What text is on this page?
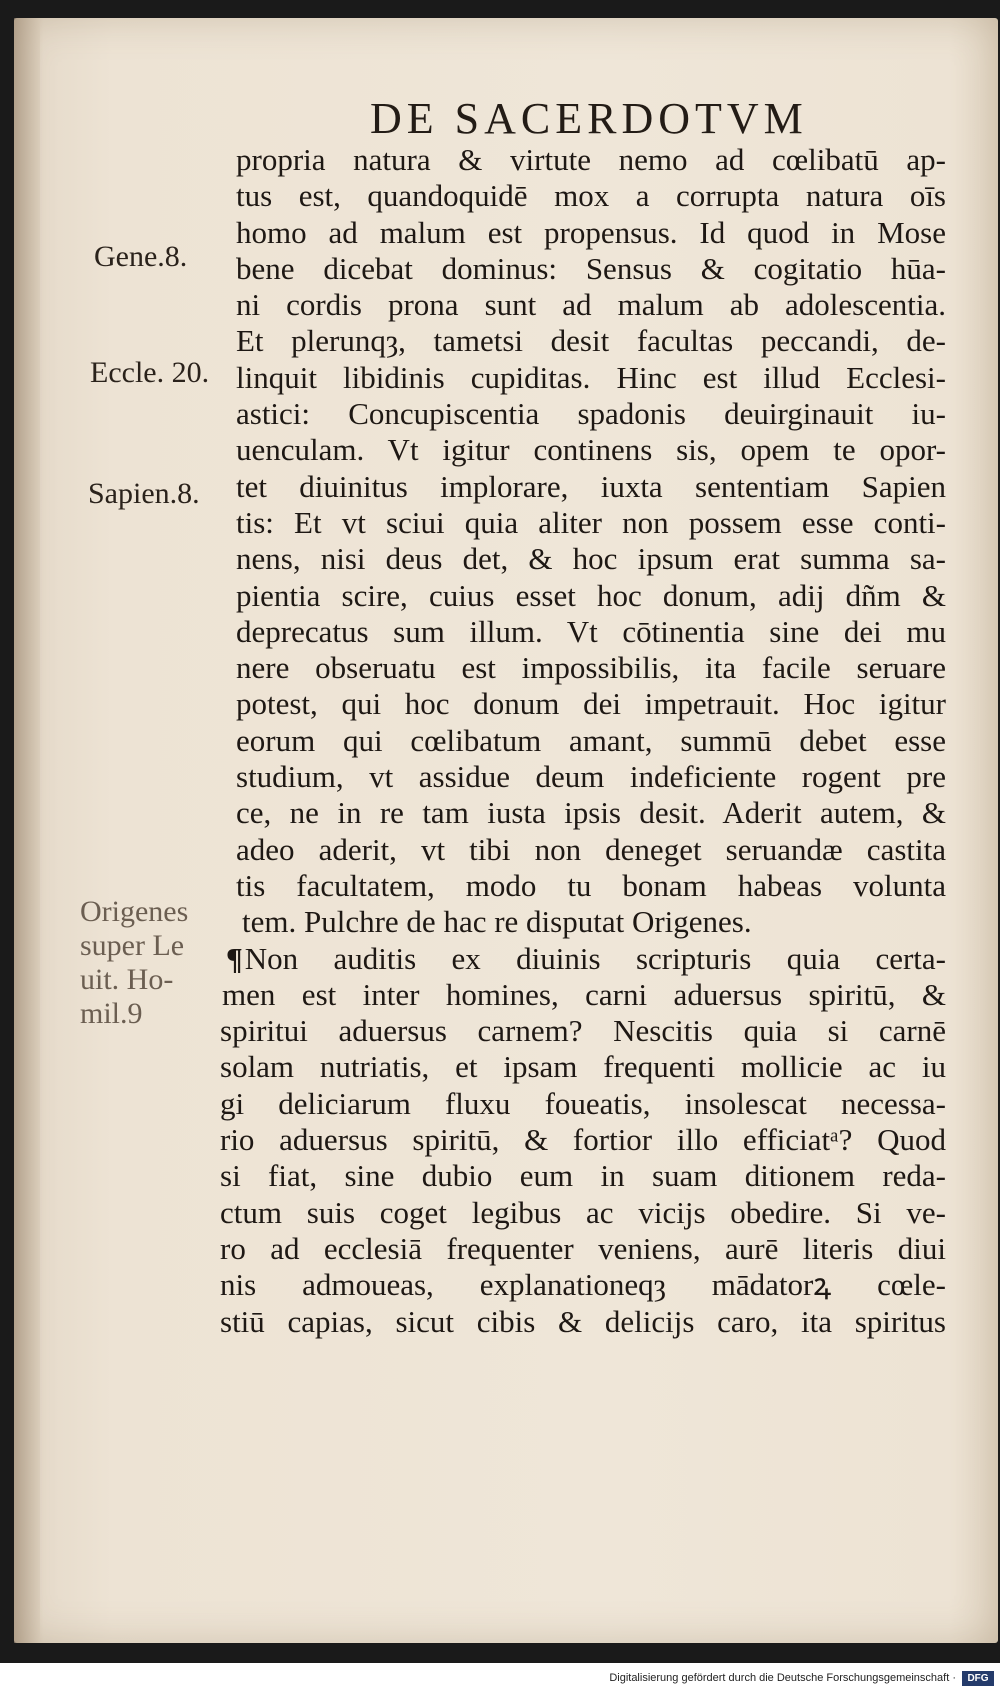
DE SACERDOTVM
Gene.8.
Eccle. 20.
Sapien.8.
Origenes
super Le
uit. Ho-
mil.9
propria natura & virtute nemo ad cœlibatū ap-
tus est, quandoquidē mox a corrupta natura oīs
homo ad malum est propensus. Id quod in Mose
bene dicebat dominus: Sensus & cogitatio hūa-
ni cordis prona sunt ad malum ab adolescentia.
Et plerunqȝ, tametsi desit facultas peccandi, de-
linquit libidinis cupiditas. Hinc est illud Ecclesi-
astici: Concupiscentia spadonis deuirginauit iu-
uenculam. Vt igitur continens sis, opem te opor-
tet diuinitus implorare, iuxta sententiam Sapien
tis: Et vt sciui quia aliter non possem esse conti-
nens, nisi deus det, & hoc ipsum erat summa sa-
pientia scire, cuius esset hoc donum, adij dñm &
deprecatus sum illum. Vt cōtinentia sine dei mu
nere obseruatu est impossibilis, ita facile seruare
potest, qui hoc donum dei impetrauit. Hoc igitur
eorum qui cœlibatum amant, summū debet esse
studium, vt assidue deum indeficiente rogent pre
ce, ne in re tam iusta ipsis desit. Aderit autem, &
adeo aderit, vt tibi non deneget seruandæ castita
tis facultatem, modo tu bonam habeas volunta
tem. Pulchre de hac re disputat Origenes.
¶Non auditis ex diuinis scripturis quia certa-
men est inter homines, carni aduersus spiritū, &
spiritui aduersus carnem? Nescitis quia si carnē
solam nutriatis, et ipsam frequenti mollicie ac iu
gi deliciarum fluxu foueatis, insolescat necessa-
rio aduersus spiritū, & fortior illo efficiatᵃ? Quod
si fiat, sine dubio eum in suam ditionem reda-
ctum suis coget legibus ac vicijs obedire. Si ve-
ro ad ecclesiā frequenter veniens, aurē literis diui
nis admoueas, explanationeqȝ mādatorꝝ cœle-
stiū capias, sicut cibis & delicijs caro, ita spiritus
Digitalisierung gefördert durch die Deutsche Forschungsgemeinschaft ·	DFG
